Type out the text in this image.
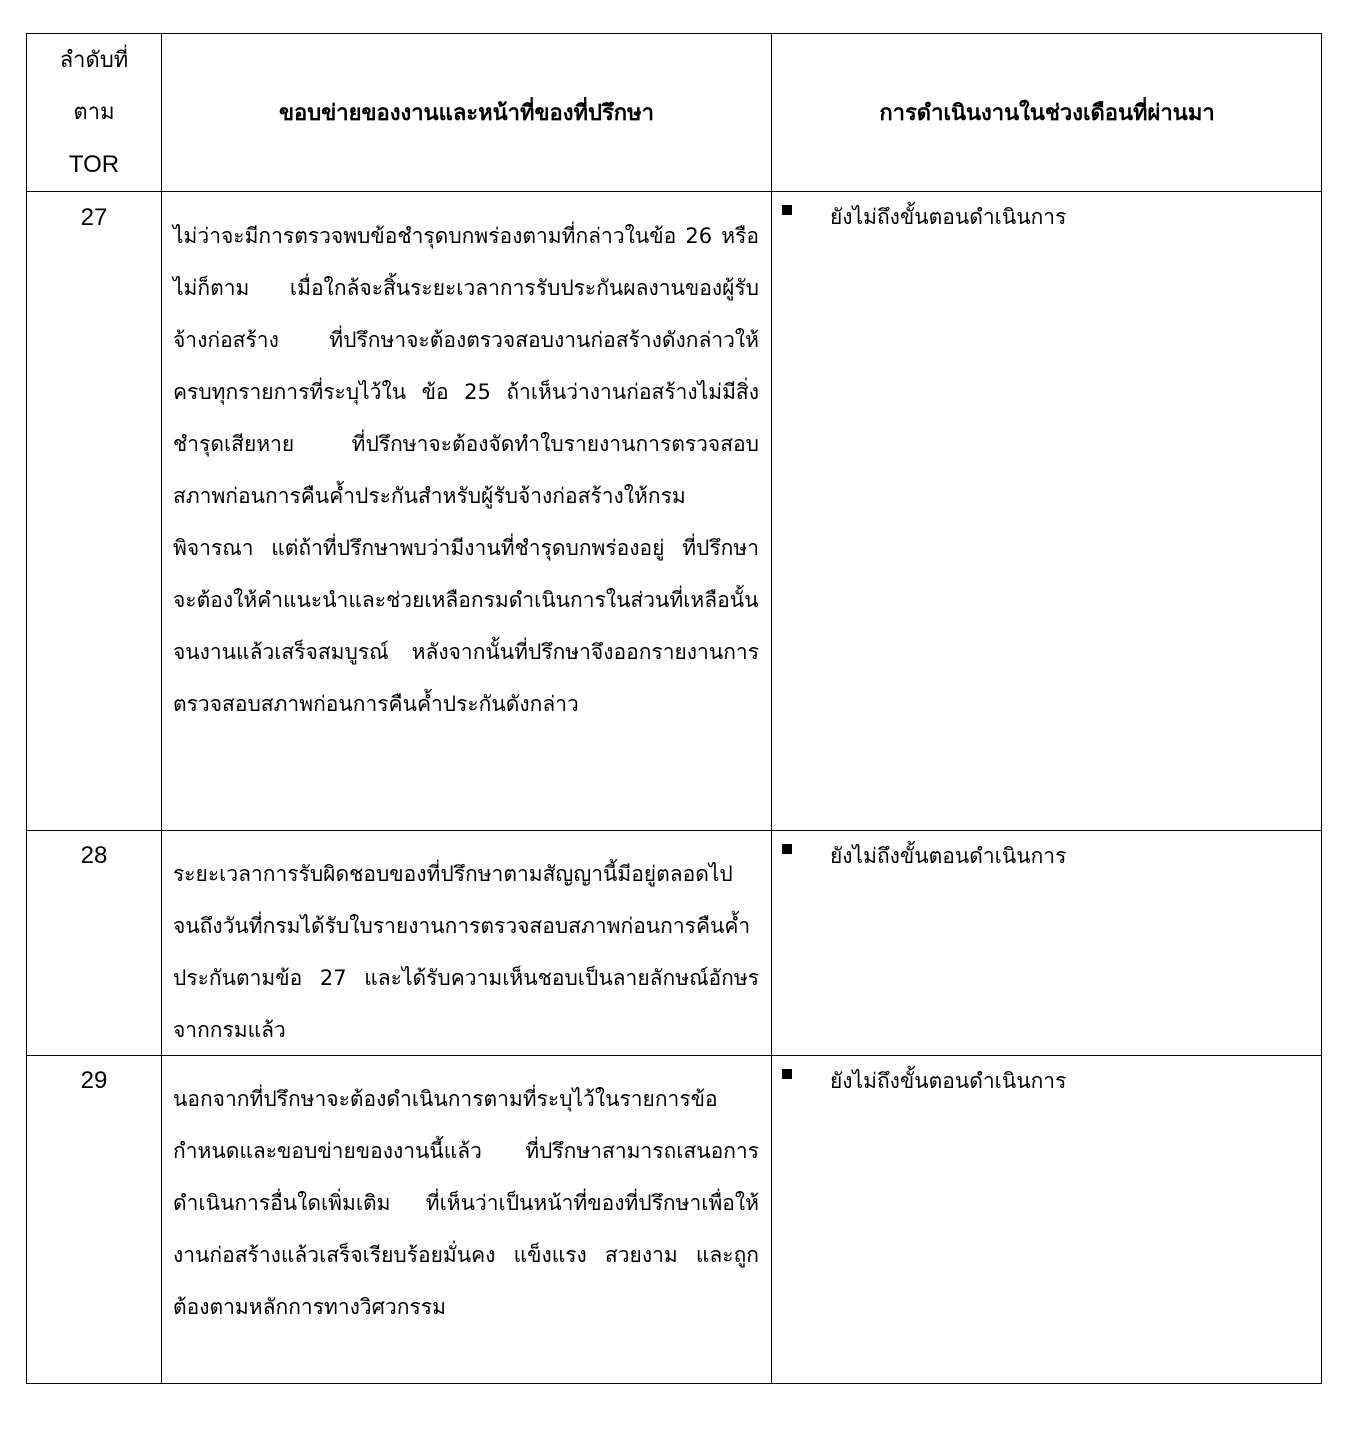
ลำดับที่
ตาม
TOR
ขอบข่ายของงานและหน้าที่ของที่ปรึกษา	การดำเนินงานในช่วงเดือนที่ผ่านมา
27
ไม่ว่าจะมีการตรวจพบข้อชำรุดบกพร่องตามที่กล่าวในข้อ 26 หรือไม่ก็ตาม เมื่อใกล้จะสิ้นระยะเวลาการรับประกันผลงานของผู้รับจ้างก่อสร้าง ที่ปรึกษาจะต้องตรวจสอบงานก่อสร้างดังกล่าวให้ ครบทุกรายการที่ระบุไว้ใน ข้อ 25 ถ้าเห็นว่างานก่อสร้างไม่มีสิ่งชำรุดเสียหาย ที่ปรึกษาจะต้องจัดทำใบรายงานการตรวจสอบสภาพก่อนการคืนค้ำประกันสำหรับผู้รับจ้างก่อสร้างให้กรมพิจารณา แต่ถ้าที่ปรึกษาพบว่ามีงานที่ชำรุดบกพร่องอยู่ ที่ปรึกษาจะต้องให้คำแนะนำและช่วยเหลือกรมดำเนินการในส่วนที่เหลือนั้นจนงานแล้วเสร็จสมบูรณ์ หลังจากนั้นที่ปรึกษาจึงออกรายงานการตรวจสอบสภาพก่อนการคืนค้ำประกันดังกล่าว
ยังไม่ถึงขั้นตอนดำเนินการ
28
ระยะเวลาการรับผิดชอบของที่ปรึกษาตามสัญญานี้มีอยู่ตลอดไป จนถึงวันที่กรมได้รับใบรายงานการตรวจสอบสภาพก่อนการคืนค้ำประกันตามข้อ 27 และได้รับความเห็นชอบเป็นลายลักษณ์อักษรจากกรมแล้ว
ยังไม่ถึงขั้นตอนดำเนินการ
29
นอกจากที่ปรึกษาจะต้องดำเนินการตามที่ระบุไว้ในรายการข้อกำหนดและขอบข่ายของงานนี้แล้ว ที่ปรึกษาสามารถเสนอการดำเนินการอื่นใดเพิ่มเติม ที่เห็นว่าเป็นหน้าที่ของที่ปรึกษาเพื่อให้งานก่อสร้างแล้วเสร็จเรียบร้อยมั่นคง แข็งแรง สวยงาม และถูกต้องตามหลักการทางวิศวกรรม
ยังไม่ถึงขั้นตอนดำเนินการ
